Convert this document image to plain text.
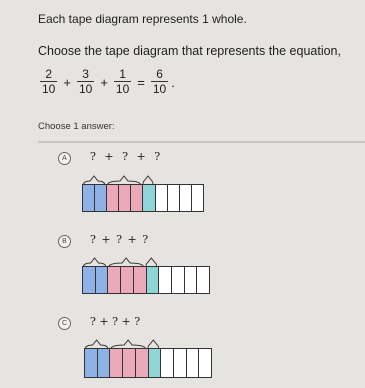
Each tape diagram represents 1 whole.
Choose the tape diagram that represents the equation,
$\frac{2}{10} + \frac{3}{10} + \frac{1}{10} = \frac{6}{10}$ .
Choose 1 answer:
A	? + ? + ?
B	? + ? + ?
C	? + ? + ?
